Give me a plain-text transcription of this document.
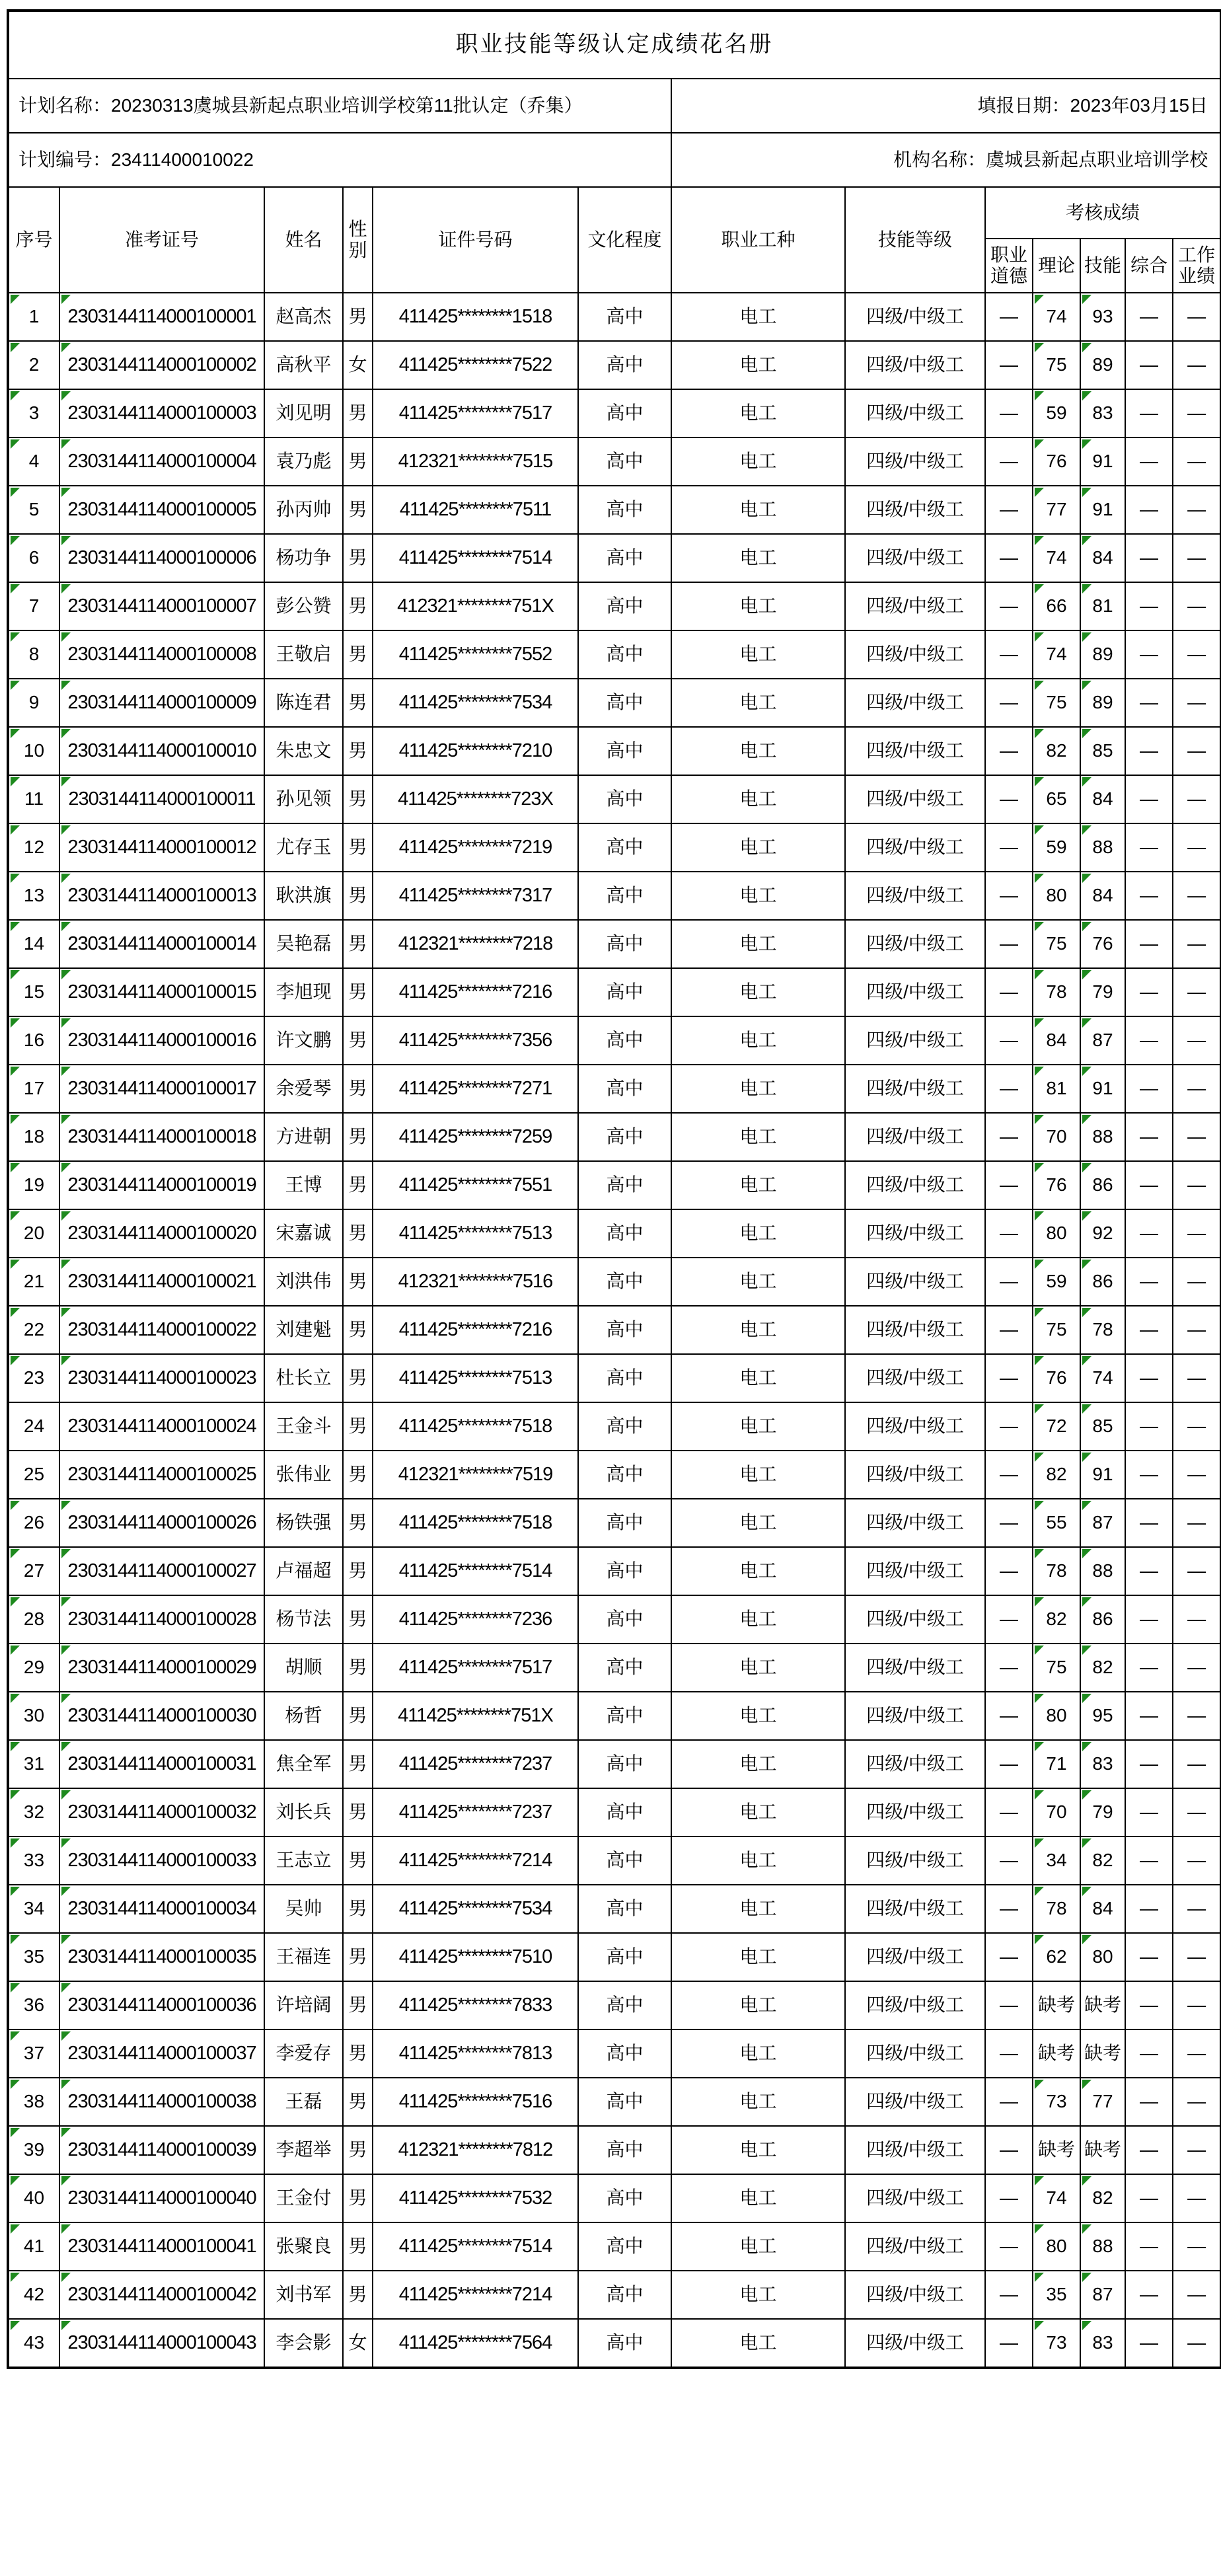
职业技能等级认定成绩花名册												
计划名称：20230313虞城县新起点职业培训学校第11批认定（乔集）						填报日期：2023年03月15日						
计划编号：23411400010022						机构名称：虞城县新起点职业培训学校						
序号	准考证号	姓名	性别	证件号码	文化程度	职业工种	技能等级	考核成绩				
								职业道德	理论	技能	综合	工作业绩

1	2303144114000100001	赵高杰	男	411425********1518	高中	电工	四级/中级工	—	74	93	—	—

2	2303144114000100002	高秋平	女	411425********7522	高中	电工	四级/中级工	—	75	89	—	—

3	2303144114000100003	刘见明	男	411425********7517	高中	电工	四级/中级工	—	59	83	—	—

4	2303144114000100004	袁乃彪	男	412321********7515	高中	电工	四级/中级工	—	76	91	—	—

5	2303144114000100005	孙丙帅	男	411425********7511	高中	电工	四级/中级工	—	77	91	—	—

6	2303144114000100006	杨功争	男	411425********7514	高中	电工	四级/中级工	—	74	84	—	—

7	2303144114000100007	彭公赞	男	412321********751X	高中	电工	四级/中级工	—	66	81	—	—

8	2303144114000100008	王敬启	男	411425********7552	高中	电工	四级/中级工	—	74	89	—	—

9	2303144114000100009	陈连君	男	411425********7534	高中	电工	四级/中级工	—	75	89	—	—

10	2303144114000100010	朱忠文	男	411425********7210	高中	电工	四级/中级工	—	82	85	—	—

11	2303144114000100011	孙见领	男	411425********723X	高中	电工	四级/中级工	—	65	84	—	—

12	2303144114000100012	尤存玉	男	411425********7219	高中	电工	四级/中级工	—	59	88	—	—

13	2303144114000100013	耿洪旗	男	411425********7317	高中	电工	四级/中级工	—	80	84	—	—

14	2303144114000100014	吴艳磊	男	412321********7218	高中	电工	四级/中级工	—	75	76	—	—

15	2303144114000100015	李旭现	男	411425********7216	高中	电工	四级/中级工	—	78	79	—	—

16	2303144114000100016	许文鹏	男	411425********7356	高中	电工	四级/中级工	—	84	87	—	—

17	2303144114000100017	余爱琴	男	411425********7271	高中	电工	四级/中级工	—	81	91	—	—

18	2303144114000100018	方进朝	男	411425********7259	高中	电工	四级/中级工	—	70	88	—	—

19	2303144114000100019	王博	男	411425********7551	高中	电工	四级/中级工	—	76	86	—	—

20	2303144114000100020	宋嘉诚	男	411425********7513	高中	电工	四级/中级工	—	80	92	—	—

21	2303144114000100021	刘洪伟	男	412321********7516	高中	电工	四级/中级工	—	59	86	—	—

22	2303144114000100022	刘建魁	男	411425********7216	高中	电工	四级/中级工	—	75	78	—	—

23	2303144114000100023	杜长立	男	411425********7513	高中	电工	四级/中级工	—	76	74	—	—
24	2303144114000100024	王金斗	男	411425********7518	高中	电工	四级/中级工	—	72	85	—	—
25	2303144114000100025	张伟业	男	412321********7519	高中	电工	四级/中级工	—	82	91	—	—

26	2303144114000100026	杨铁强	男	411425********7518	高中	电工	四级/中级工	—	55	87	—	—

27	2303144114000100027	卢福超	男	411425********7514	高中	电工	四级/中级工	—	78	88	—	—

28	2303144114000100028	杨节法	男	411425********7236	高中	电工	四级/中级工	—	82	86	—	—

29	2303144114000100029	胡顺	男	411425********7517	高中	电工	四级/中级工	—	75	82	—	—

30	2303144114000100030	杨哲	男	411425********751X	高中	电工	四级/中级工	—	80	95	—	—

31	2303144114000100031	焦全军	男	411425********7237	高中	电工	四级/中级工	—	71	83	—	—

32	2303144114000100032	刘长兵	男	411425********7237	高中	电工	四级/中级工	—	70	79	—	—

33	2303144114000100033	王志立	男	411425********7214	高中	电工	四级/中级工	—	34	82	—	—

34	2303144114000100034	吴帅	男	411425********7534	高中	电工	四级/中级工	—	78	84	—	—

35	2303144114000100035	王福连	男	411425********7510	高中	电工	四级/中级工	—	62	80	—	—

36	2303144114000100036	许培阔	男	411425********7833	高中	电工	四级/中级工	—	缺考	缺考	—	—

37	2303144114000100037	李爱存	男	411425********7813	高中	电工	四级/中级工	—	缺考	缺考	—	—

38	2303144114000100038	王磊	男	411425********7516	高中	电工	四级/中级工	—	73	77	—	—

39	2303144114000100039	李超举	男	412321********7812	高中	电工	四级/中级工	—	缺考	缺考	—	—

40	2303144114000100040	王金付	男	411425********7532	高中	电工	四级/中级工	—	74	82	—	—

41	2303144114000100041	张聚良	男	411425********7514	高中	电工	四级/中级工	—	80	88	—	—

42	2303144114000100042	刘书军	男	411425********7214	高中	电工	四级/中级工	—	35	87	—	—

43	2303144114000100043	李会影	女	411425********7564	高中	电工	四级/中级工	—	73	83	—	—
